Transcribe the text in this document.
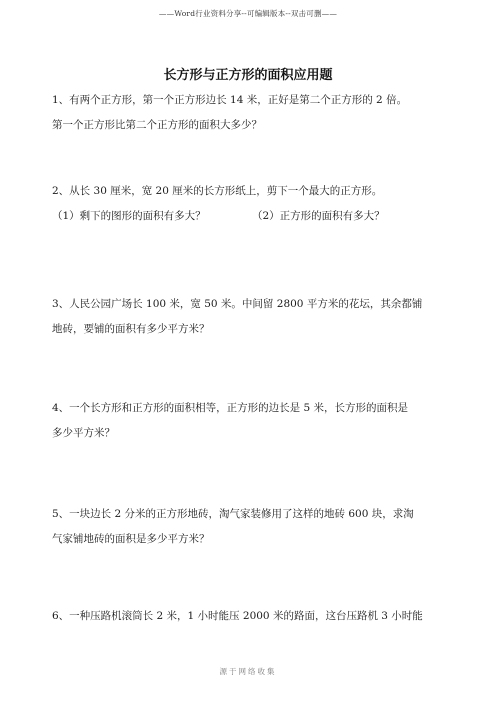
——Word行业资料分享--可编辑版本--双击可删——
长方形与正方形的面积应用题
1、有两个正方形，第一个正方形边长 14 米，正好是第二个正方形的 2 倍。
第一个正方形比第二个正方形的面积大多少？
2、从长 30 厘米，宽 20 厘米的长方形纸上，剪下一个最大的正方形。
（1）剩下的图形的面积有多大？	（2）正方形的面积有多大？
3、人民公园广场长 100 米，宽 50 米。中间留 2800 平方米的花坛，其余都铺
地砖，要铺的面积有多少平方米？
4、一个长方形和正方形的面积相等，正方形的边长是 5 米，长方形的面积是
多少平方米？
5、一块边长 2 分米的正方形地砖，淘气家装修用了这样的地砖 600 块，求淘
气家铺地砖的面积是多少平方米？
6、一种压路机滚筒长 2 米，1 小时能压 2000 米的路面，这台压路机 3 小时能
源于网络收集
